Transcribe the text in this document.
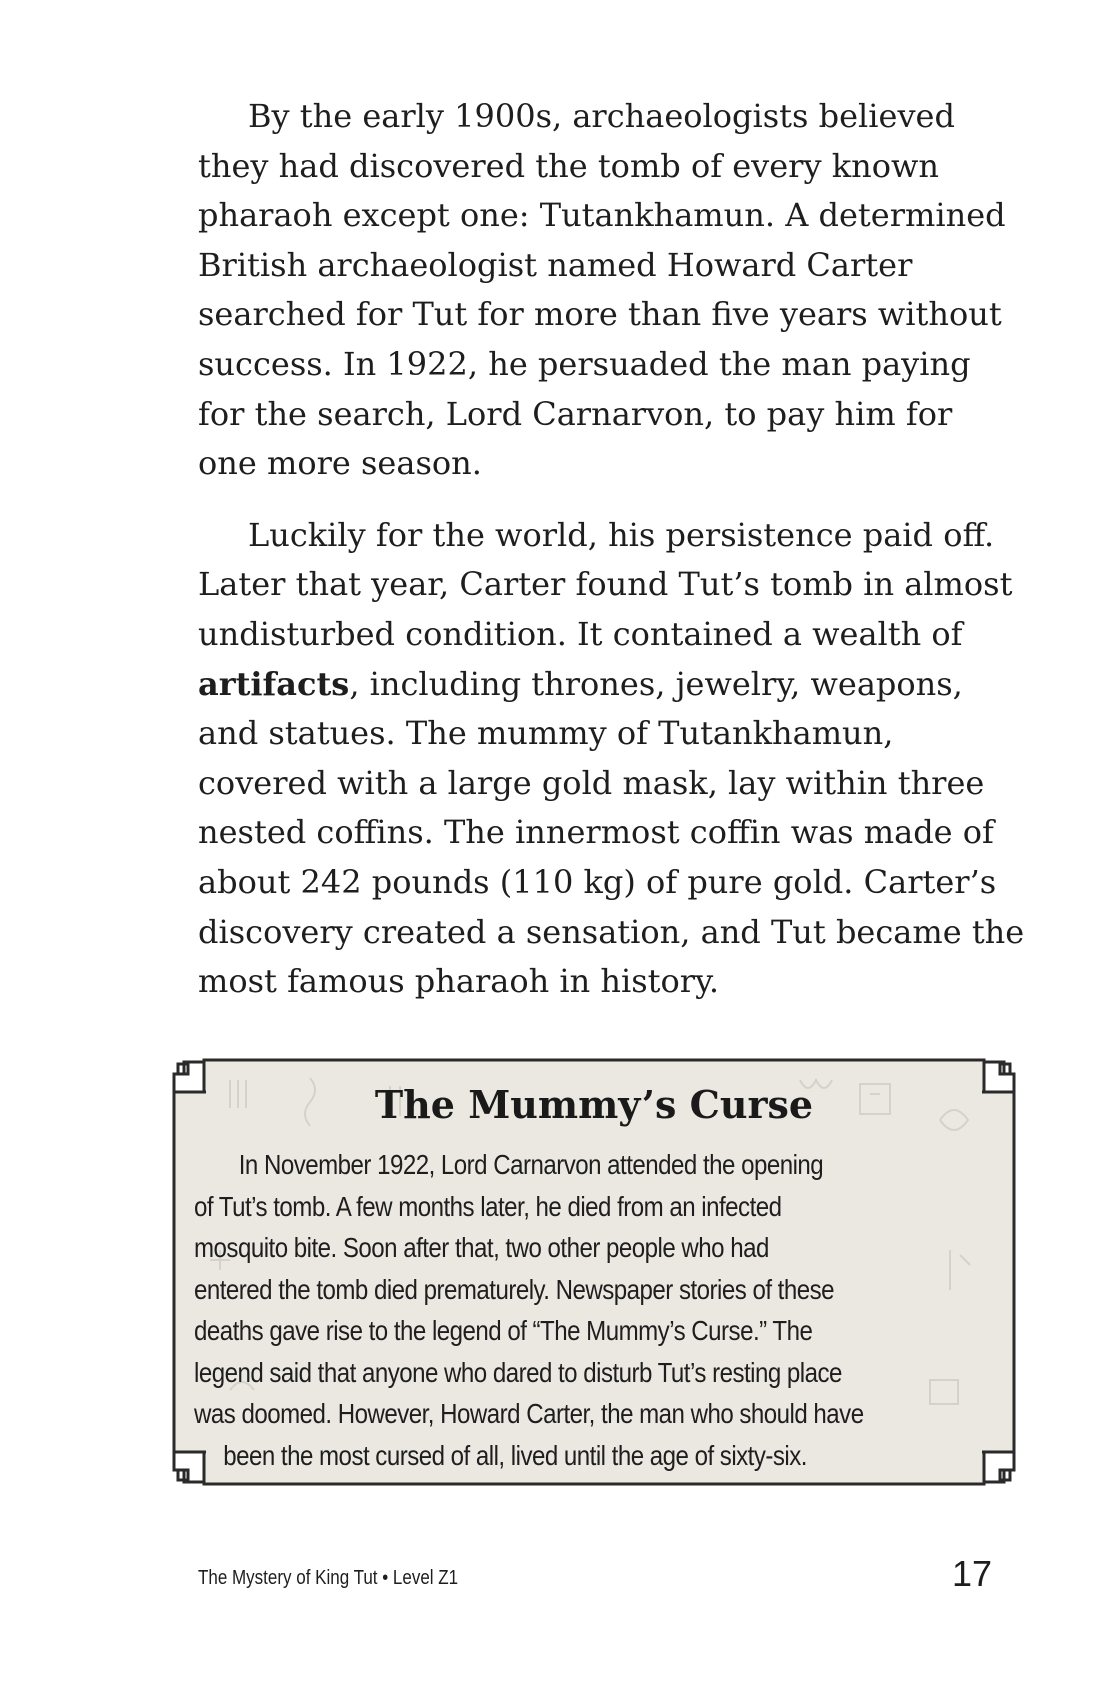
By the early 1900s, archaeologists believed
they had discovered the tomb of every known
pharaoh except one: Tutankhamun. A determined
British archaeologist named Howard Carter
searched for Tut for more than five years without
success. In 1922, he persuaded the man paying
for the search, Lord Carnarvon, to pay him for
one more season.
Luckily for the world, his persistence paid off.
Later that year, Carter found Tut’s tomb in almost
undisturbed condition. It contained a wealth of
artifacts, including thrones, jewelry, weapons,
and statues. The mummy of Tutankhamun,
covered with a large gold mask, lay within three
nested coffins. The innermost coffin was made of
about 242 pounds (110 kg) of pure gold. Carter’s
discovery created a sensation, and Tut became the
most famous pharaoh in history.
The Mummy’s Curse
In November 1922, Lord Carnarvon attended the opening
of Tut’s tomb. A few months later, he died from an infected
mosquito bite. Soon after that, two other people who had
entered the tomb died prematurely. Newspaper stories of these
deaths gave rise to the legend of “The Mummy’s Curse.” The
legend said that anyone who dared to disturb Tut’s resting place
was doomed. However, Howard Carter, the man who should have
been the most cursed of all, lived until the age of sixty-six.
The Mystery of King Tut • Level Z1	17
